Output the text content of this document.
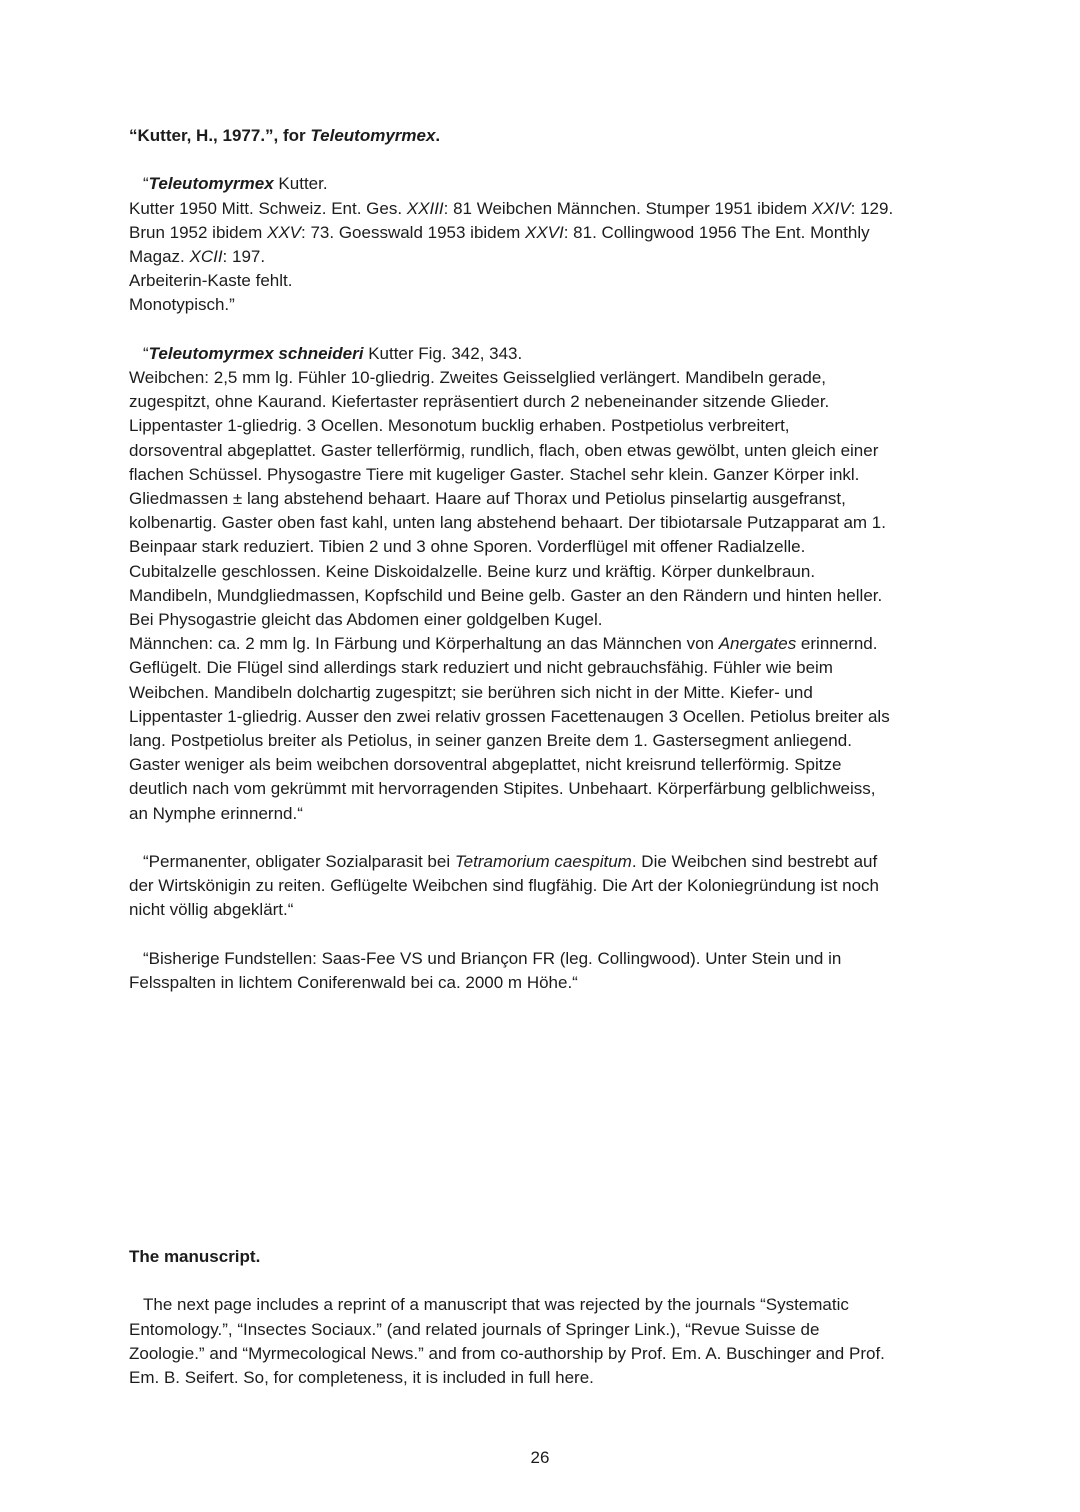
“Kutter, H., 1977.”, for Teleutomyrmex.
“Teleutomyrmex Kutter.
Kutter 1950 Mitt. Schweiz. Ent. Ges. XXIII: 81 Weibchen Männchen. Stumper 1951 ibidem XXIV: 129.
Brun 1952 ibidem XXV: 73. Goesswald 1953 ibidem XXVI: 81. Collingwood 1956 The Ent. Monthly
Magaz. XCII: 197.
Arbeiterin-Kaste fehlt.
Monotypisch.”
“Teleutomyrmex schneideri Kutter Fig. 342, 343.
Weibchen: 2,5 mm lg. Fühler 10-gliedrig. Zweites Geisselglied verlängert. Mandibeln gerade,
zugespitzt, ohne Kaurand. Kiefertaster repräsentiert durch 2 nebeneinander sitzende Glieder.
Lippentaster 1-gliedrig. 3 Ocellen. Mesonotum bucklig erhaben. Postpetiolus verbreitert,
dorsoventral abgeplattet. Gaster tellerförmig, rundlich, flach, oben etwas gewölbt, unten gleich einer
flachen Schüssel. Physogastre Tiere mit kugeliger Gaster. Stachel sehr klein. Ganzer Körper inkl.
Gliedmassen ± lang abstehend behaart. Haare auf Thorax und Petiolus pinselartig ausgefranst,
kolbenartig. Gaster oben fast kahl, unten lang abstehend behaart. Der tibiotarsale Putzapparat am 1.
Beinpaar stark reduziert. Tibien 2 und 3 ohne Sporen. Vorderflügel mit offener Radialzelle.
Cubitalzelle geschlossen. Keine Diskoidalzelle. Beine kurz und kräftig. Körper dunkelbraun.
Mandibeln, Mundgliedmassen, Kopfschild und Beine gelb. Gaster an den Rändern und hinten heller.
Bei Physogastrie gleicht das Abdomen einer goldgelben Kugel.
Männchen: ca. 2 mm lg. In Färbung und Körperhaltung an das Männchen von Anergates erinnernd.
Geflügelt. Die Flügel sind allerdings stark reduziert und nicht gebrauchsfähig. Fühler wie beim
Weibchen. Mandibeln dolchartig zugespitzt; sie berühren sich nicht in der Mitte. Kiefer- und
Lippentaster 1-gliedrig. Ausser den zwei relativ grossen Facettenaugen 3 Ocellen. Petiolus breiter als
lang. Postpetiolus breiter als Petiolus, in seiner ganzen Breite dem 1. Gastersegment anliegend.
Gaster weniger als beim weibchen dorsoventral abgeplattet, nicht kreisrund tellerförmig. Spitze
deutlich nach vom gekrümmt mit hervorragenden Stipites. Unbehaart. Körperfärbung gelblichweiss,
an Nymphe erinnernd.“
“Permanenter, obligater Sozialparasit bei Tetramorium caespitum. Die Weibchen sind bestrebt auf
der Wirtskönigin zu reiten. Geflügelte Weibchen sind flugfähig. Die Art der Koloniegründung ist noch
nicht völlig abgeklärt.“
“Bisherige Fundstellen: Saas-Fee VS und Briançon FR (leg. Collingwood). Unter Stein und in
Felsspalten in lichtem Coniferenwald bei ca. 2000 m Höhe.“
The manuscript.
The next page includes a reprint of a manuscript that was rejected by the journals “Systematic
Entomology.”, “Insectes Sociaux.” (and related journals of Springer Link.), “Revue Suisse de
Zoologie.” and “Myrmecological News.” and from co-authorship by Prof. Em. A. Buschinger and Prof.
Em. B. Seifert. So, for completeness, it is included in full here.
26
